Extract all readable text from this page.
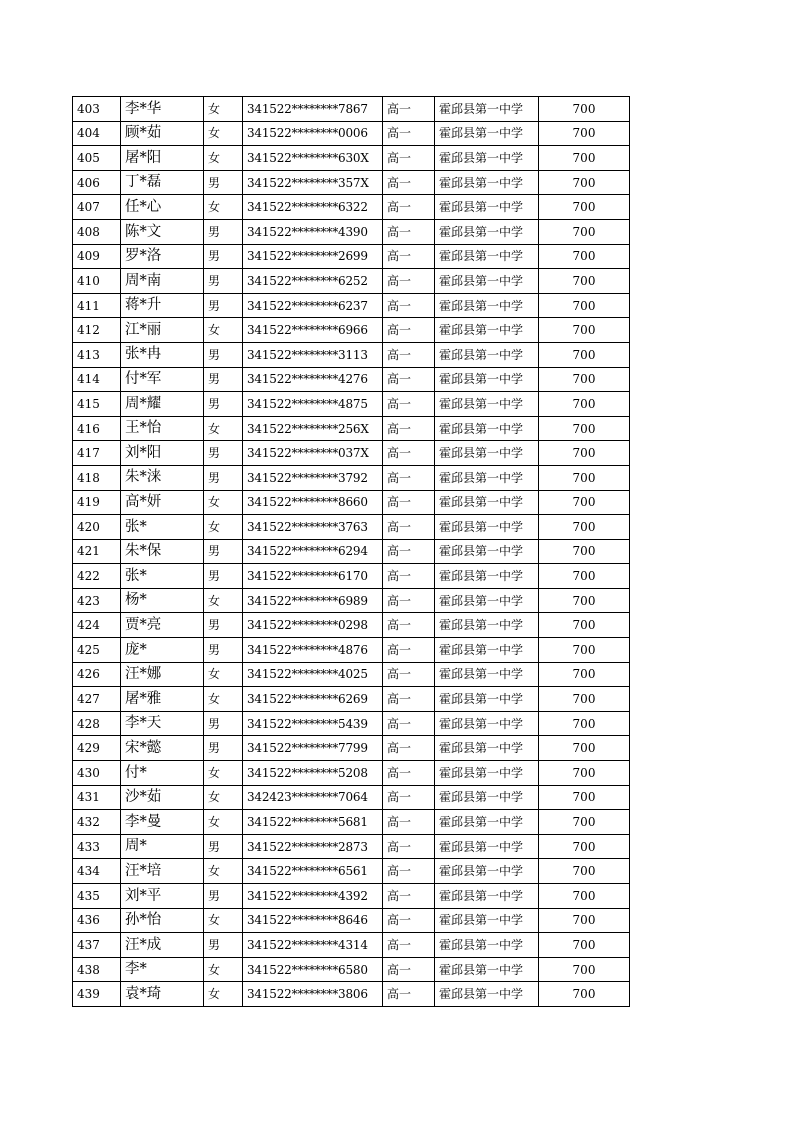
403	李*华	女	341522********7867	高一	霍邱县第一中学	700
404	顾*茹	女	341522********0006	高一	霍邱县第一中学	700
405	屠*阳	女	341522********630X	高一	霍邱县第一中学	700
406	丁*磊	男	341522********357X	高一	霍邱县第一中学	700
407	任*心	女	341522********6322	高一	霍邱县第一中学	700
408	陈*文	男	341522********4390	高一	霍邱县第一中学	700
409	罗*洛	男	341522********2699	高一	霍邱县第一中学	700
410	周*南	男	341522********6252	高一	霍邱县第一中学	700
411	蒋*升	男	341522********6237	高一	霍邱县第一中学	700
412	江*丽	女	341522********6966	高一	霍邱县第一中学	700
413	张*冉	男	341522********3113	高一	霍邱县第一中学	700
414	付*军	男	341522********4276	高一	霍邱县第一中学	700
415	周*耀	男	341522********4875	高一	霍邱县第一中学	700
416	王*怡	女	341522********256X	高一	霍邱县第一中学	700
417	刘*阳	男	341522********037X	高一	霍邱县第一中学	700
418	朱*涞	男	341522********3792	高一	霍邱县第一中学	700
419	高*妍	女	341522********8660	高一	霍邱县第一中学	700
420	张*	女	341522********3763	高一	霍邱县第一中学	700
421	朱*保	男	341522********6294	高一	霍邱县第一中学	700
422	张*	男	341522********6170	高一	霍邱县第一中学	700
423	杨*	女	341522********6989	高一	霍邱县第一中学	700
424	贾*亮	男	341522********0298	高一	霍邱县第一中学	700
425	庞*	男	341522********4876	高一	霍邱县第一中学	700
426	汪*娜	女	341522********4025	高一	霍邱县第一中学	700
427	屠*雅	女	341522********6269	高一	霍邱县第一中学	700
428	李*天	男	341522********5439	高一	霍邱县第一中学	700
429	宋*懿	男	341522********7799	高一	霍邱县第一中学	700
430	付*	女	341522********5208	高一	霍邱县第一中学	700
431	沙*茹	女	342423********7064	高一	霍邱县第一中学	700
432	李*曼	女	341522********5681	高一	霍邱县第一中学	700
433	周*	男	341522********2873	高一	霍邱县第一中学	700
434	汪*培	女	341522********6561	高一	霍邱县第一中学	700
435	刘*平	男	341522********4392	高一	霍邱县第一中学	700
436	孙*怡	女	341522********8646	高一	霍邱县第一中学	700
437	汪*成	男	341522********4314	高一	霍邱县第一中学	700
438	李*	女	341522********6580	高一	霍邱县第一中学	700
439	袁*琦	女	341522********3806	高一	霍邱县第一中学	700
